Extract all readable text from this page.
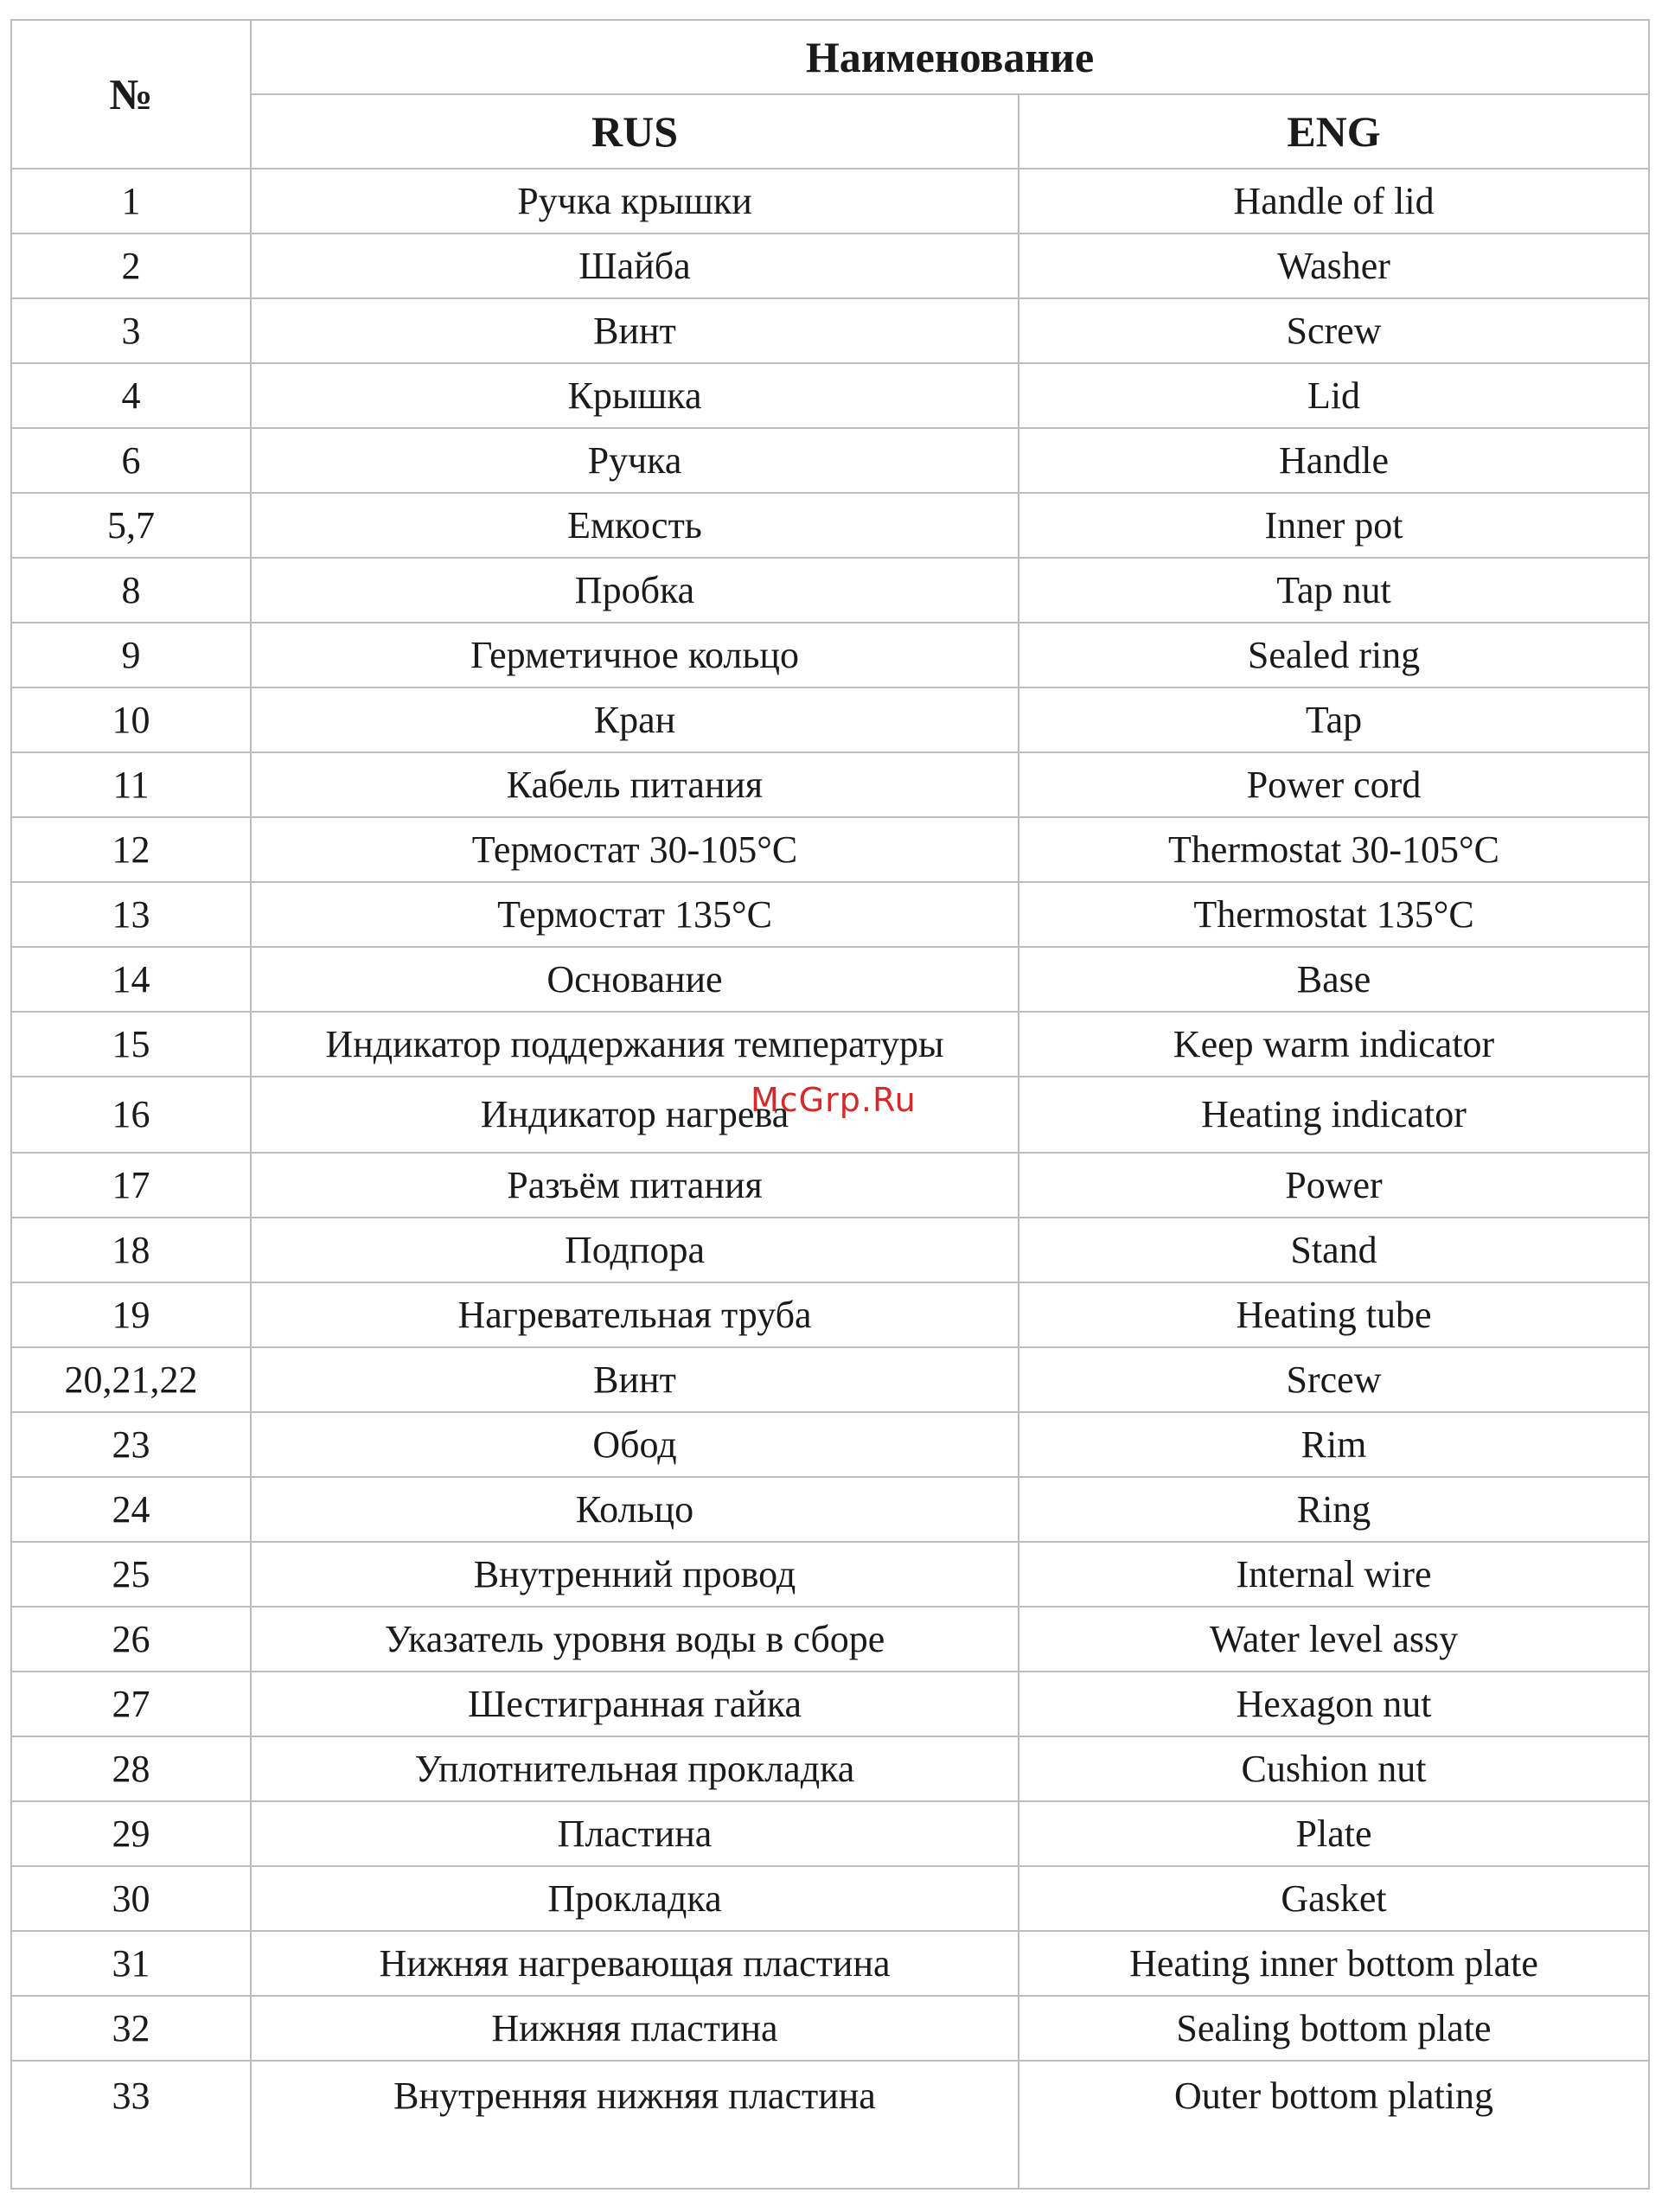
№	Наименование	
	RUS	ENG
1	Ручка крышки	Handle of lid
2	Шайба	Washer
3	Винт	Screw
4	Крышка	Lid
6	Ручка	Handle
5,7	Емкость	Inner pot
8	Пробка	Tap nut
9	Герметичное кольцо	Sealed ring
10	Кран	Tap
11	Кабель питания	Power cord
12	Термостат 30-105°C	Thermostat 30-105°C
13	Термостат 135°C	Thermostat 135°C
14	Основание	Base
15	Индикатор поддержания температуры	Keep warm indicator
16	Индикатор нагрева	Heating indicator
17	Разъём питания	Power
18	Подпора	Stand
19	Нагревательная труба	Heating tube
20,21,22	Винт	Srcew
23	Обод	Rim
24	Кольцо	Ring
25	Внутренний провод	Internal wire
26	Указатель уровня воды в сборе	Water level assy
27	Шестигранная гайка	Hexagon nut
28	Уплотнительная прокладка	Cushion nut
29	Пластина	Plate
30	Прокладка	Gasket
31	Нижняя нагревающая пластина	Heating inner bottom plate
32	Нижняя пластина	Sealing bottom plate
33	Внутренняя нижняя пластина	Outer bottom plating
McGrp.Ru
